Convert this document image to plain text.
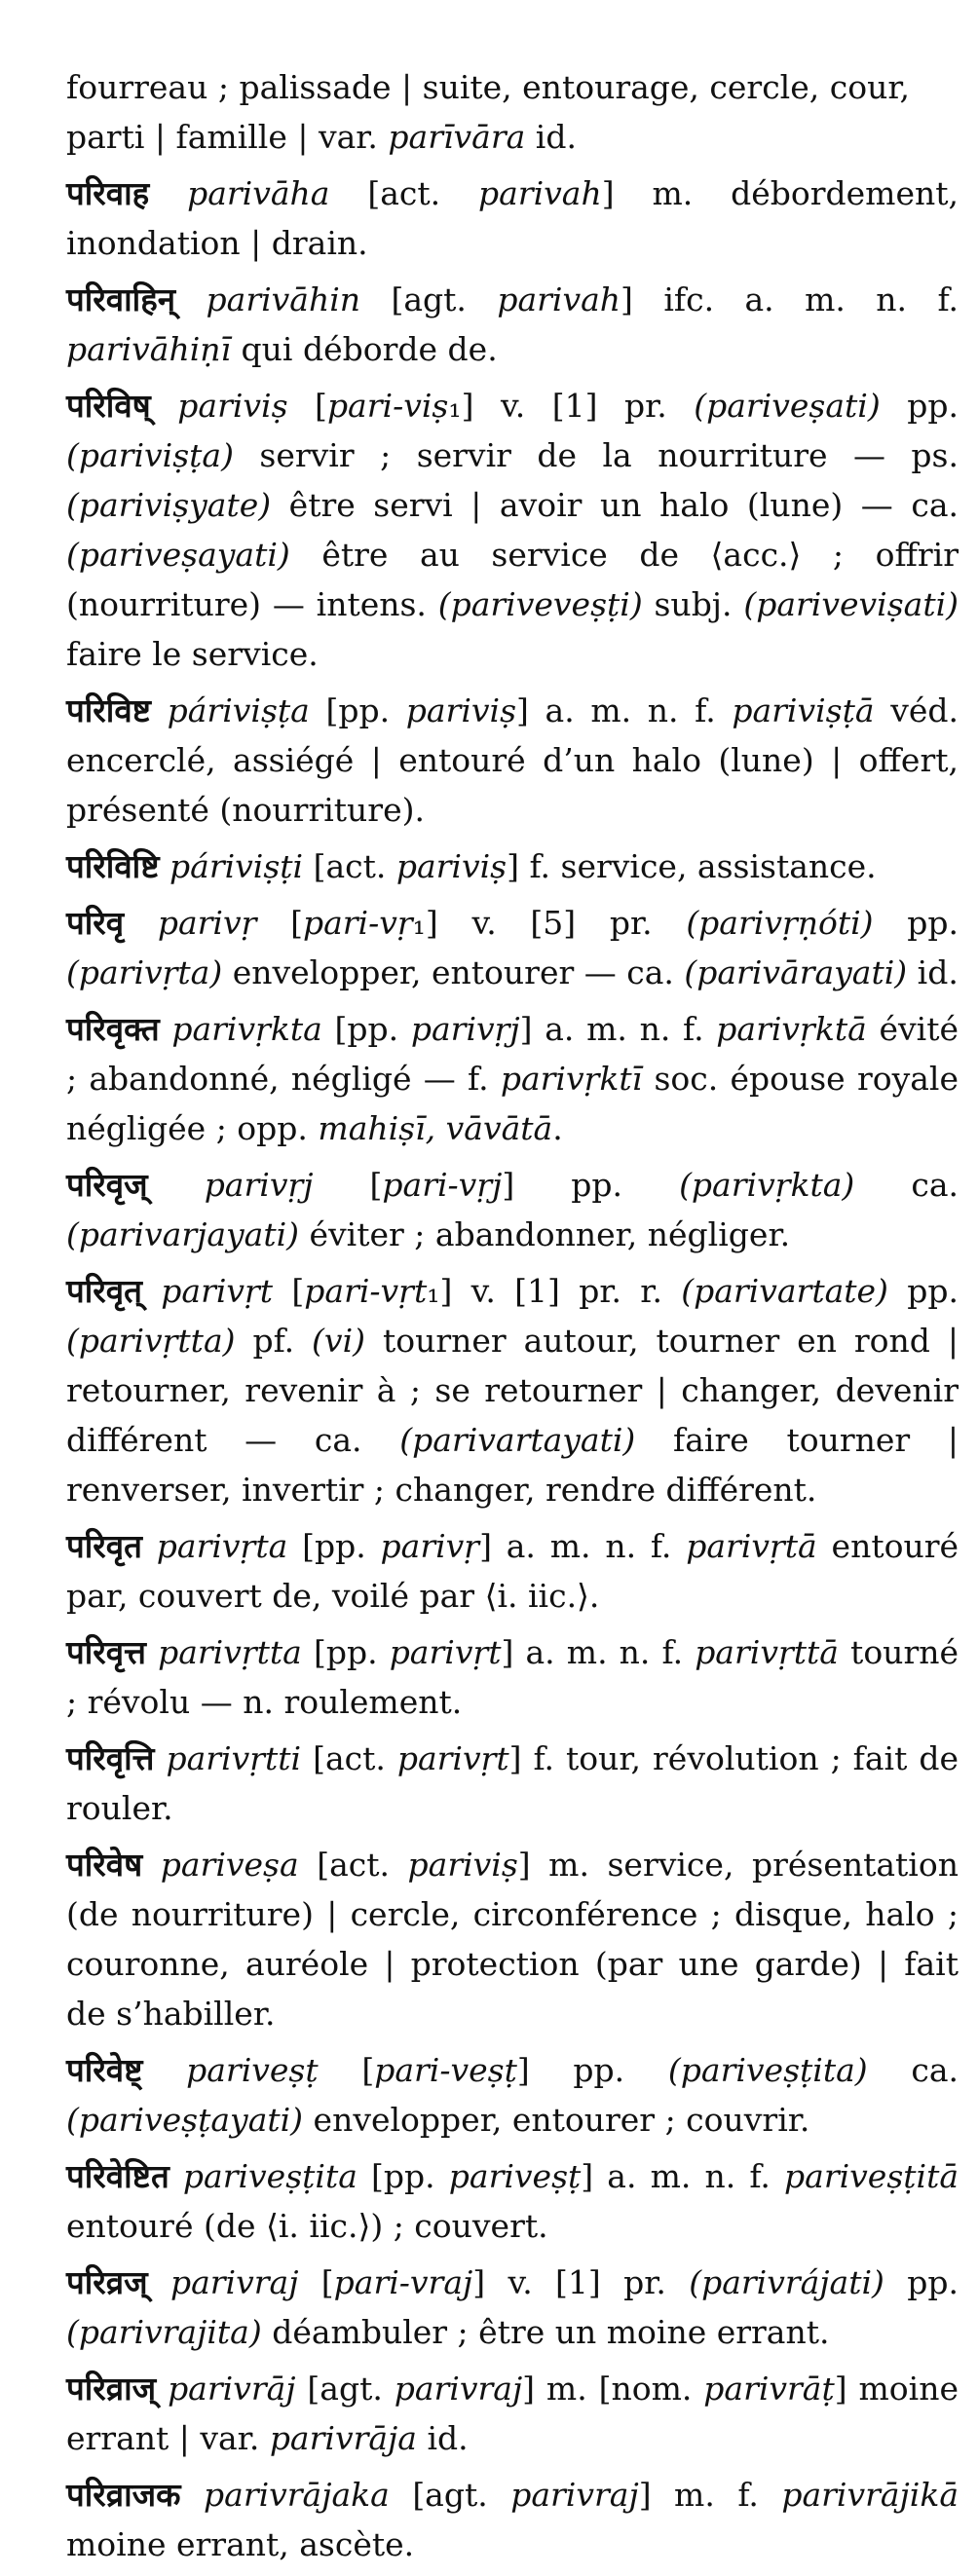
fourreau ; palissade | suite, entourage, cercle, cour, parti | famille | var. parīvāra id.
परिवाह parivāha [act. parivah] m. débordement, inondation | drain.
परिवाहिन् parivāhin [agt. parivah] ifc. a. m. n. f. parivāhiṇī qui déborde de.
परिविष् pariviṣ [pari-viṣ₁] v. [1] pr. (pariveṣati) pp. (pariviṣṭa) servir ; servir de la nourriture — ps. (pariviṣyate) être servi | avoir un halo (lune) — ca. (pariveṣayati) être au service de ⟨acc.⟩ ; offrir (nourriture) — intens. (pariveveṣṭi) subj. (pariveviṣati) faire le service.
परिविष्ट páriviṣṭa [pp. pariviṣ] a. m. n. f. pariviṣṭā véd. encerclé, assiégé | entouré d’un halo (lune) | offert, présenté (nourriture).
परिविष्टि páriviṣṭi [act. pariviṣ] f. service, assistance.
परिवृ parivṛ [pari-vṛ₁] v. [5] pr. (parivṛṇóti) pp. (parivṛta) envelopper, entourer — ca. (parivārayati) id.
परिवृक्त parivṛkta [pp. parivṛj] a. m. n. f. parivṛktā évité ; abandonné, négligé — f. parivṛktī soc. épouse royale négligée ; opp. mahiṣī, vāvātā.
परिवृज् parivṛj [pari-vṛj] pp. (parivṛkta) ca. (parivarjayati) éviter ; abandonner, négliger.
परिवृत् parivṛt [pari-vṛt₁] v. [1] pr. r. (parivartate) pp. (parivṛtta) pf. (vi) tourner autour, tourner en rond | retourner, revenir à ; se retourner | changer, devenir différent — ca. (parivartayati) faire tourner | renverser, invertir ; changer, rendre différent.
परिवृत parivṛta [pp. parivṛ] a. m. n. f. parivṛtā entouré par, couvert de, voilé par ⟨i. iic.⟩.
परिवृत्त parivṛtta [pp. parivṛt] a. m. n. f. parivṛttā tourné ; révolu — n. roulement.
परिवृत्ति parivṛtti [act. parivṛt] f. tour, révolution ; fait de rouler.
परिवेष pariveṣa [act. pariviṣ] m. service, présentation (de nourriture) | cercle, circonférence ; disque, halo ; couronne, auréole | protection (par une garde) | fait de s’habiller.
परिवेष्ट् pariveṣṭ [pari-veṣṭ] pp. (pariveṣṭita) ca. (pariveṣṭayati) envelopper, entourer ; couvrir.
परिवेष्टित pariveṣṭita [pp. pariveṣṭ] a. m. n. f. pariveṣṭitā entouré (de ⟨i. iic.⟩) ; couvert.
परिव्रज् parivraj [pari-vraj] v. [1] pr. (parivrájati) pp. (parivrajita) déambuler ; être un moine errant.
परिव्राज् parivrāj [agt. parivraj] m. [nom. parivrāṭ] moine errant | var. parivrāja id.
परिव्राजक parivrājaka [agt. parivraj] m. f. parivrājikā moine errant, ascète.
